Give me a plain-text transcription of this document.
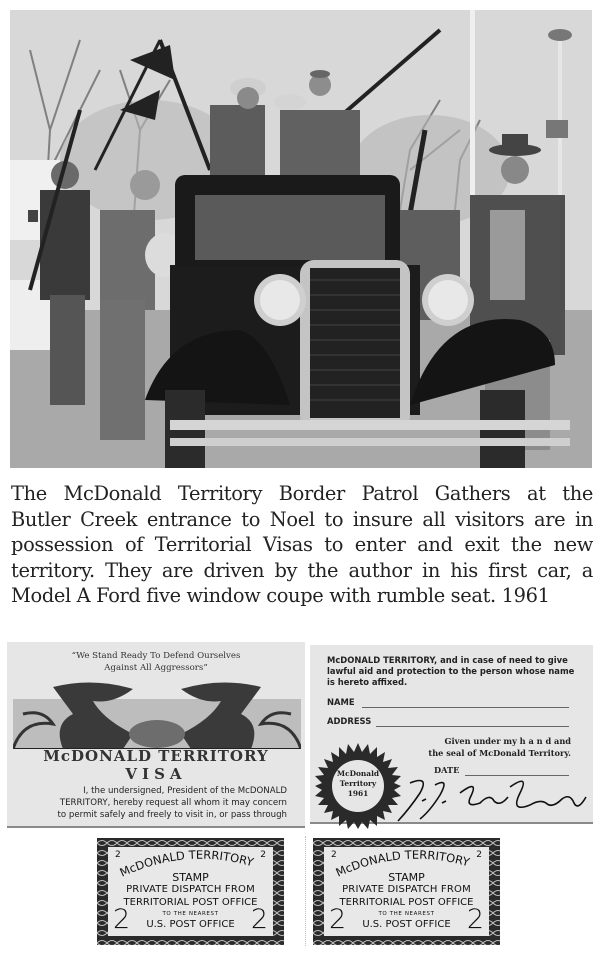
The McDonald Territory Border Patrol Gathers at the
Butler Creek entrance to Noel to insure all visitors are in
possession of Territorial Visas to enter and exit the new
territory. They are driven by the author in his first car, a
Model A Ford five window coupe with rumble seat. 1961
“We Stand Ready To Defend Ourselves
Against All Aggressors”
McDONALD TERRITORY
VISA
I, the undersigned, President of the McDONALD
TERRITORY, hereby request all whom it may concern
to permit safely and freely to visit in, or pass through
McDONALD TERRITORY, and in case of need to give
lawful aid and protection to the person whose name
is hereto affixed.
NAME
ADDRESS
McDonald
Territory
1961
Given under my h a n d and
the seal of McDonald Territory.
DATE
2	2
McDONALD TERRITORY
STAMP
PRIVATE DISPATCH FROM
TERRITORIAL POST OFFICE
TO THE NEAREST
U.S. POST OFFICE
2	2
2	2
McDONALD TERRITORY
STAMP
PRIVATE DISPATCH FROM
TERRITORIAL POST OFFICE
TO THE NEAREST
U.S. POST OFFICE
2	2
